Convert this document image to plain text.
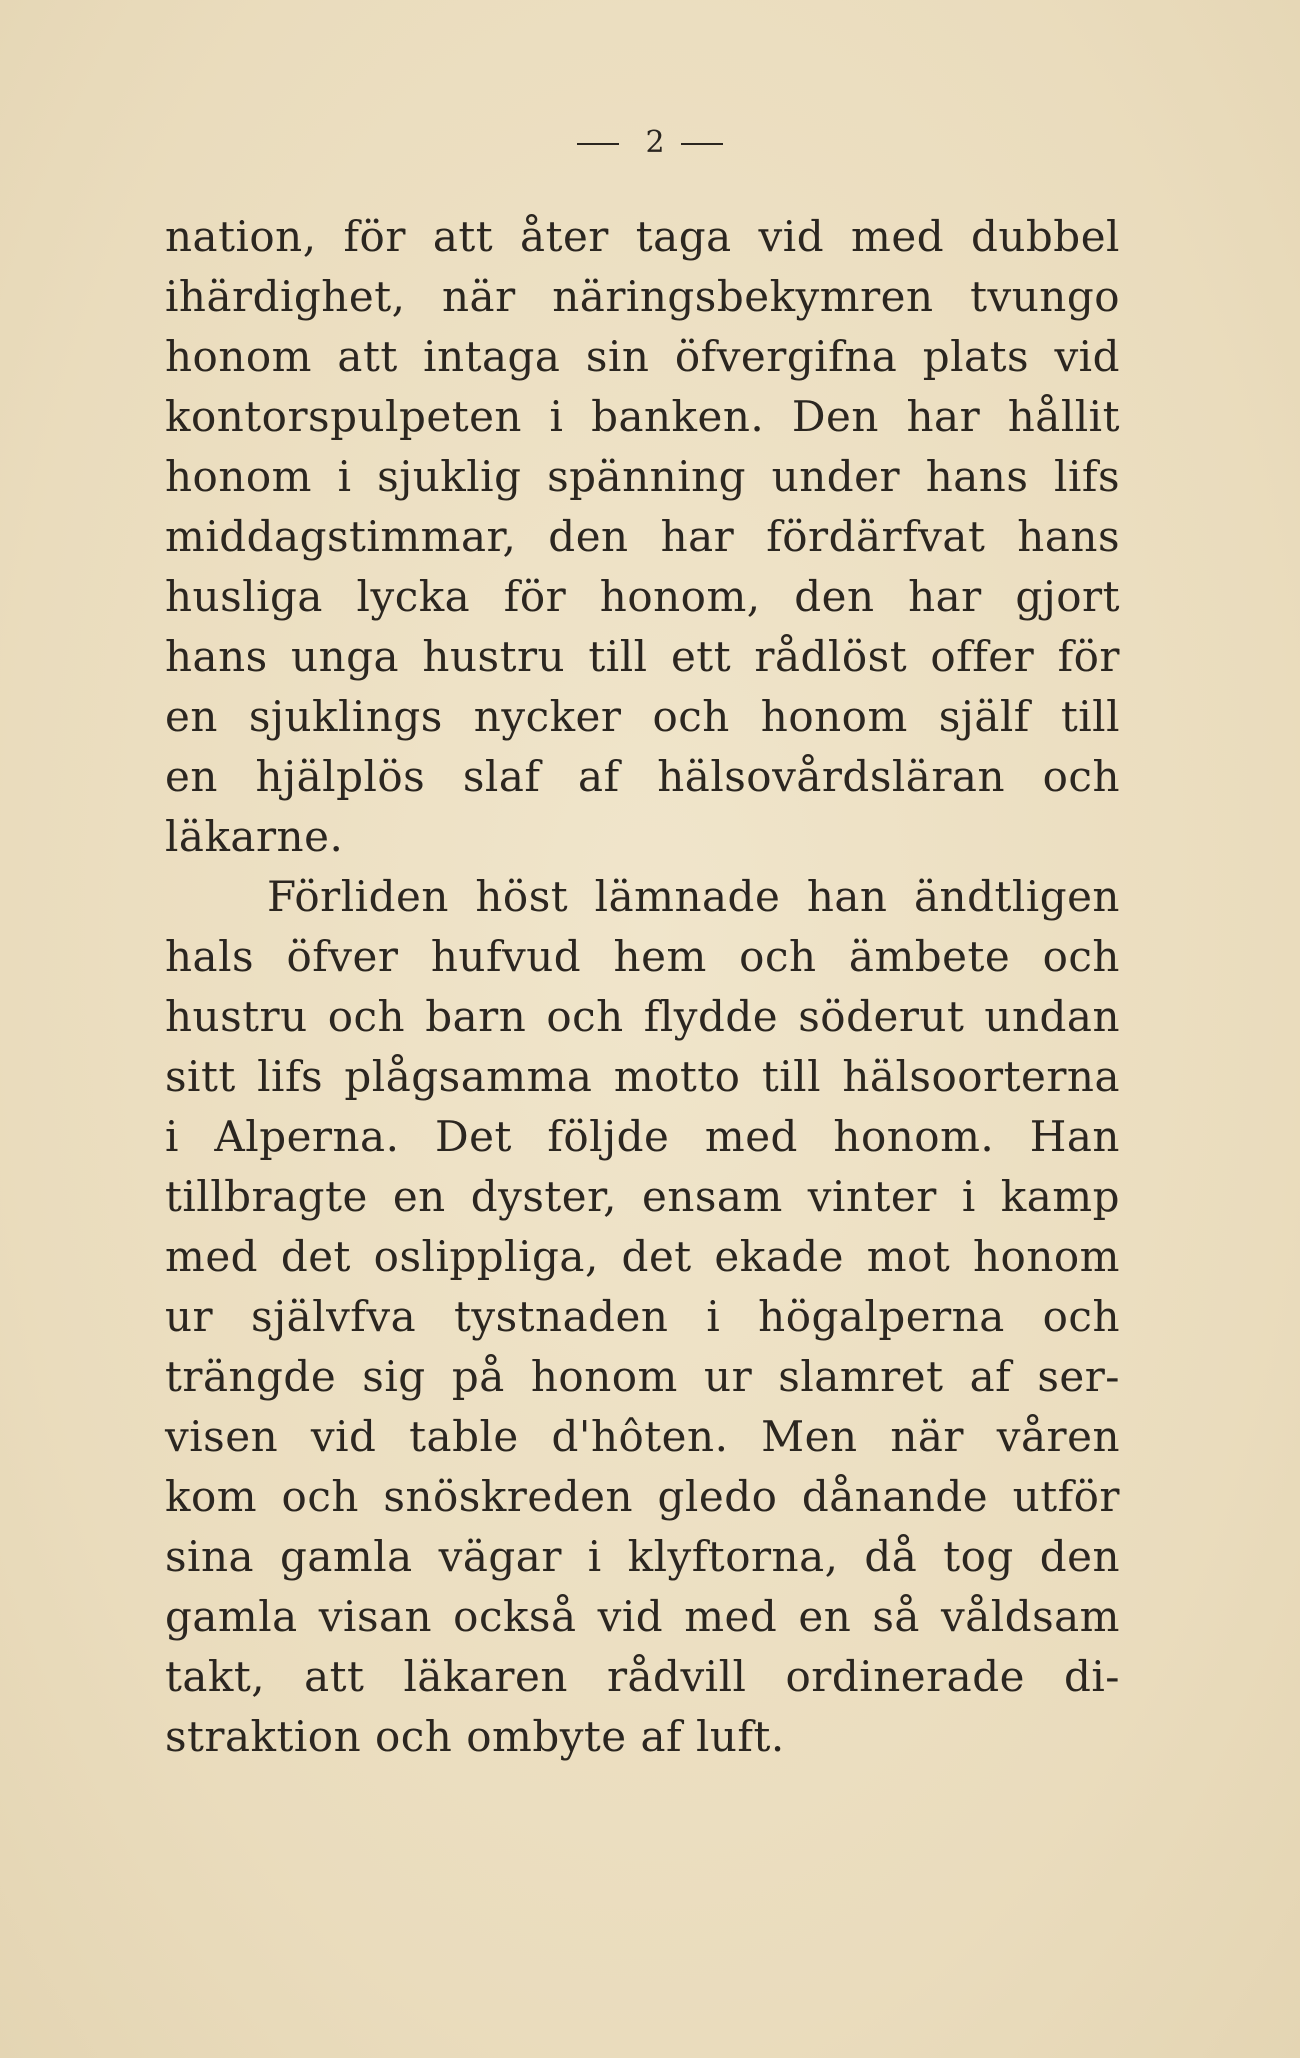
2
nation, för att åter taga vid med dubbel
ihärdighet, när näringsbekymren tvungo
honom att intaga sin öfvergifna plats vid
kontorspulpeten i banken. Den har hållit
honom i sjuklig spänning under hans lifs
middagstimmar, den har fördärfvat hans
husliga lycka för honom, den har gjort
hans unga hustru till ett rådlöst offer för
en sjuklings nycker och honom själf till
en hjälplös slaf af hälsovårdsläran och
läkarne.
Förliden höst lämnade han ändtligen
hals öfver hufvud hem och ämbete och
hustru och barn och flydde söderut undan
sitt lifs plågsamma motto till hälsoorterna
i Alperna. Det följde med honom. Han
tillbragte en dyster, ensam vinter i kamp
med det oslippliga, det ekade mot honom
ur självfva tystnaden i högalperna och
trängde sig på honom ur slamret af ser-
visen vid table d'hôten. Men när våren
kom och snöskreden gledo dånande utför
sina gamla vägar i klyftorna, då tog den
gamla visan också vid med en så våldsam
takt, att läkaren rådvill ordinerade di-
straktion och ombyte af luft.
